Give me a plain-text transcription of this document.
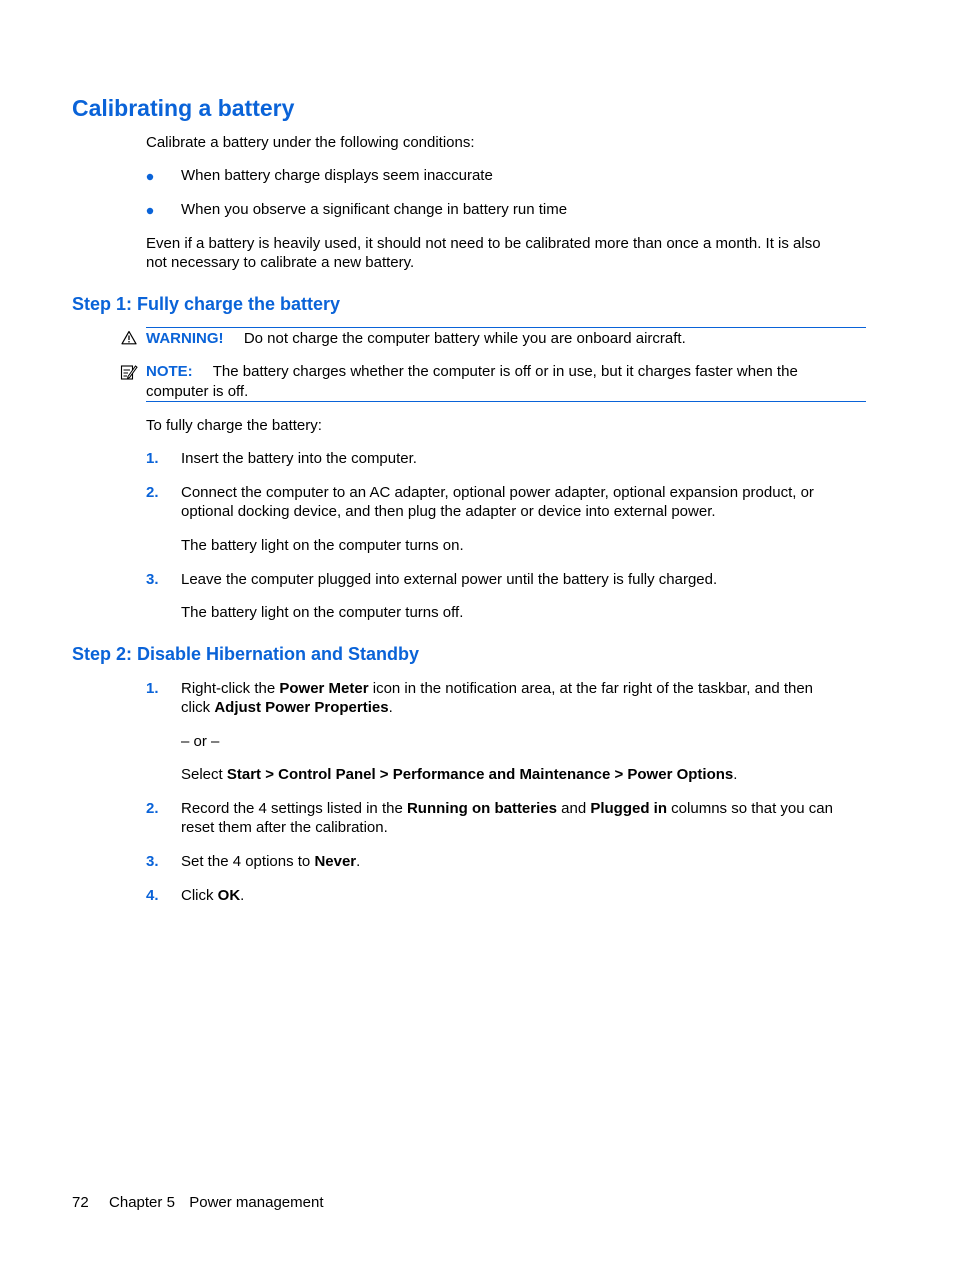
Calibrating a battery
Calibrate a battery under the following conditions:
When battery charge displays seem inaccurate
When you observe a significant change in battery run time
Even if a battery is heavily used, it should not need to be calibrated more than once a month. It is also
not necessary to calibrate a new battery.
Step 1: Fully charge the battery
WARNING! Do not charge the computer battery while you are onboard aircraft.
NOTE: The battery charges whether the computer is off or in use, but it charges faster when the
computer is off.
To fully charge the battery:
1. Insert the battery into the computer.
2. Connect the computer to an AC adapter, optional power adapter, optional expansion product, or
optional docking device, and then plug the adapter or device into external power.
The battery light on the computer turns on.
3. Leave the computer plugged into external power until the battery is fully charged.
The battery light on the computer turns off.
Step 2: Disable Hibernation and Standby
1. Right-click the Power Meter icon in the notification area, at the far right of the taskbar, and then
click Adjust Power Properties.
– or –
Select Start > Control Panel > Performance and Maintenance > Power Options.
2. Record the 4 settings listed in the Running on batteries and Plugged in columns so that you can
reset them after the calibration.
3. Set the 4 options to Never.
4. Click OK.
72 Chapter 5 Power management
